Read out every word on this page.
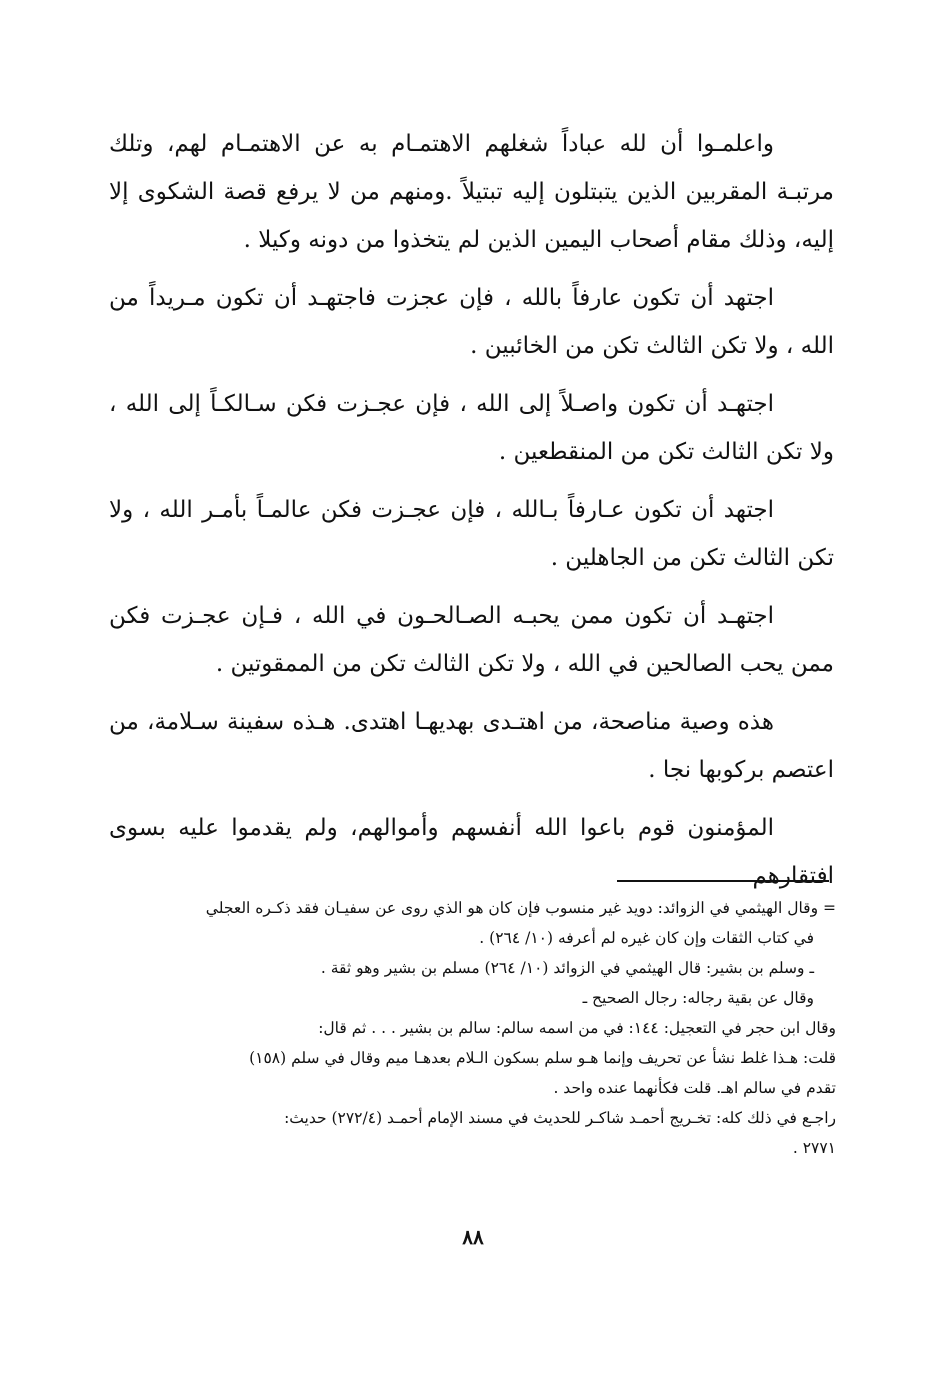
واعلمـوا أن لله عباداً شغلهم الاهتمـام به عن الاهتمـام لهم، وتلك مرتبـة المقربين الذين يتبتلون إليه تبتيلاً .ومنهم من لا يرفع قصة الشكوى إلا إليه، وذلك مقام أصحاب اليمين الذين لم يتخذوا من دونه وكيلا .

اجتهد أن تكون عارفاً بالله ، فإن عجزت فاجتهـد أن تكون مـريداً من الله ، ولا تكن الثالث تكن من الخائبين .

اجتهـد أن تكون واصـلاً إلى الله ، فإن عجـزت فكن سـالكـاً إلى الله ، ولا تكن الثالث تكن من المنقطعين .

اجتهد أن تكون عـارفاً بـالله ، فإن عجـزت فكن عالمـاً بأمـر الله ، ولا تكن الثالث تكن من الجاهلين .

اجتهـد أن تكون ممن يحبـه الصـالحـون في الله ، فـإن عجـزت فكن ممن يحب الصالحين في الله ، ولا تكن الثالث تكن من الممقوتين .

هذه وصية مناصحة، من اهتـدى بهديهـا اهتدى. هـذه سفينة سـلامة، من اعتصم بركوبها نجا .

المؤمنون قوم باعوا الله أنفسهم وأموالهم، ولم يقدموا عليه بسوى افتقارهم

= وقال الهيثمي في الزوائد: دويد غير منسوب فإن كان هو الذي روى عن سفيـان فقد ذكـره العجلي

في كتاب الثقات وإن كان غيره لم أعرفه (١٠/ ٢٦٤) .

ـ وسلم بن بشير: قال الهيثمي في الزوائد (١٠/ ٢٦٤) مسلم بن بشير وهو ثقة .

وقال عن بقية رجاله: رجال الصحيح ـ

وقال ابن حجر في التعجيل: ١٤٤: في من اسمه سالم: سالم بن بشير . . . ثم قال:

قلت: هـذا غلط نشأ عن تحريف وإنما هـو سلم بسكون الـلام بعدهـا ميم وقال في سلم (١٥٨)

تقدم في سالم اهـ. قلت فكأنهما عنده واحد .

راجـع في ذلك كله: تخـريج أحمـد شاكـر للحديث في مسند الإمام أحمـد (٢٧٢/٤) حديث:

٢٧٧١ .

٨٨
